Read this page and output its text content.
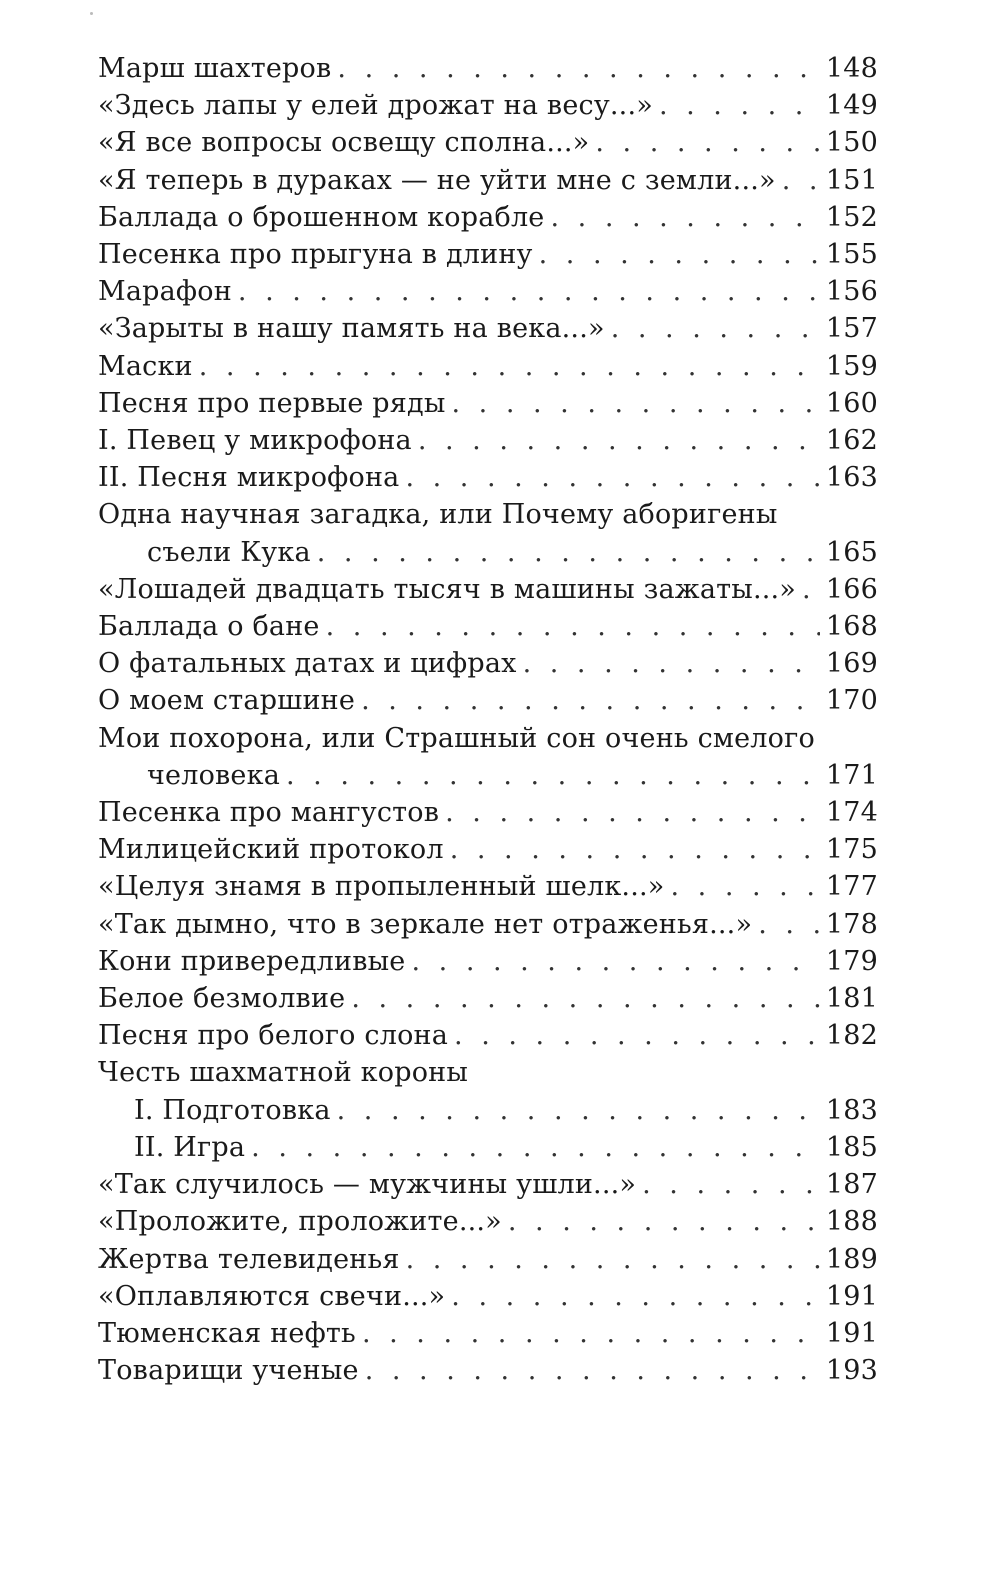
Марш шахтеров . . .	148
«Здесь лапы у елей дрожат на весу...» . . .	149
«Я все вопросы освещу сполна...» . . .	150
«Я теперь в дураках — не уйти мне с земли...» . . . 151
Баллада о брошенном корабле . . .	152
Песенка про прыгуна в длину . . .	155
Марафон . . .	156
«Зарыты в нашу память на века...» . . .	157
Маски . . .	159
Песня про первые ряды . . .	160
I. Певец у микрофона . . .	162
II. Песня микрофона . . .	163
Одна научная загадка, или Почему аборигены
съели Кука . . .	165
«Лошадей двадцать тысяч в машины зажаты...» . . . 166
Баллада о бане . . .	168
О фатальных датах и цифрах . . .	169
О моем старшине . . .	170
Мои похорона, или Страшный сон очень смелого
человека . . .	171
Песенка про мангустов . . .	174
Милицейский протокол . . .	175
«Целуя знамя в пропыленный шелк...» . . .	177
«Так дымно, что в зеркале нет отраженья...» . . .	178
Кони привередливые . . .	179
Белое безмолвие . . .	181
Песня про белого слона . . .	182
Честь шахматной короны
I. Подготовка . . .	183
II. Игра . . .	185
«Так случилось — мужчины ушли...» . . .	187
«Проложите, проложите...» . . .	188
Жертва телевиденья . . .	189
«Оплавляются свечи...» . . .	191
Тюменская нефть . . .	191
Товарищи ученые . . .	193
